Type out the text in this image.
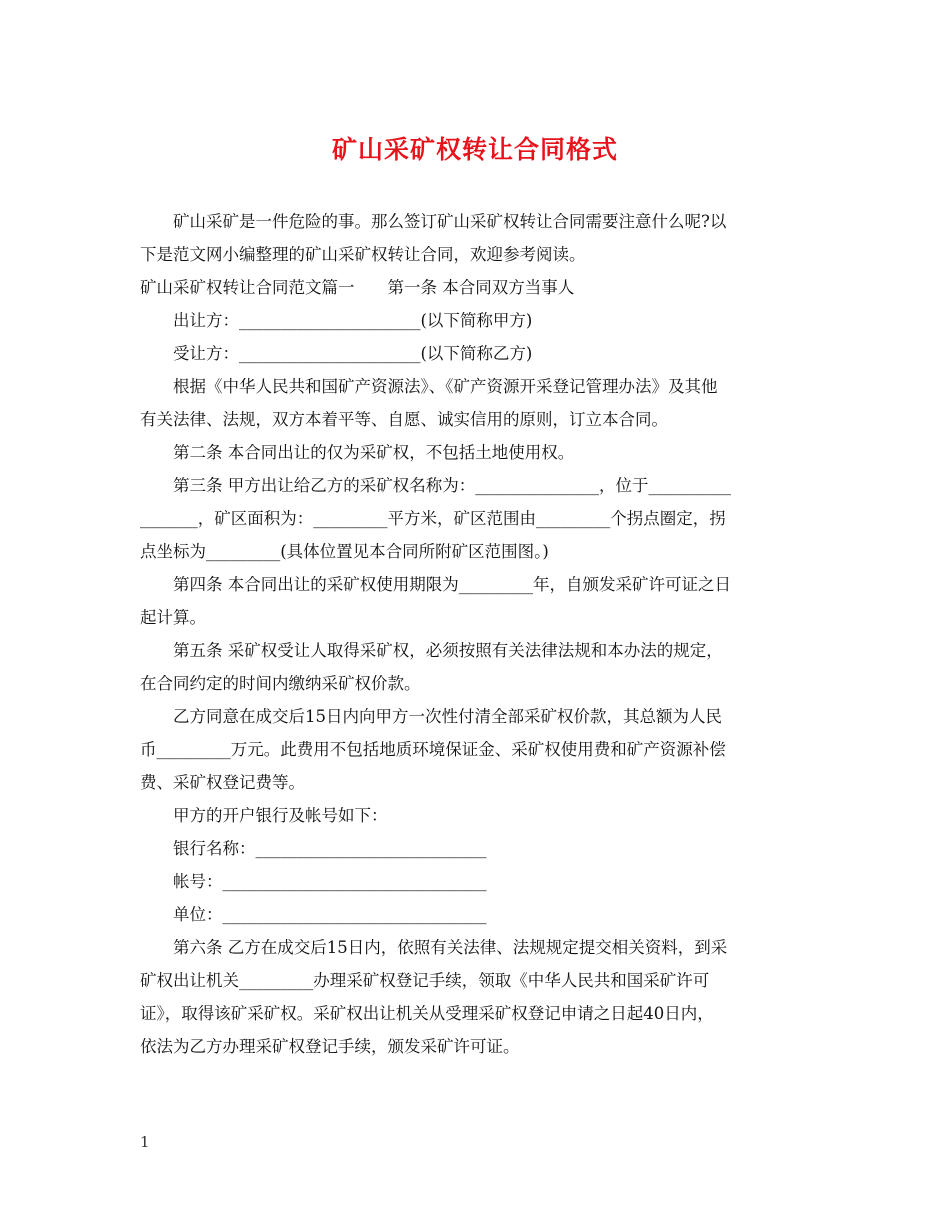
矿山采矿权转让合同格式
　　矿山采矿是一件危险的事。那么签订矿山采矿权转让合同需要注意什么呢?以
下是范文网小编整理的矿山采矿权转让合同，欢迎参考阅读。
矿山采矿权转让合同范文篇一　　第一条 本合同双方当事人
　　出让方：______________________(以下简称甲方)
　　受让方：______________________(以下简称乙方)
　　根据《中华人民共和国矿产资源法》、《矿产资源开采登记管理办法》及其他
有关法律、法规，双方本着平等、自愿、诚实信用的原则，订立本合同。
　　第二条 本合同出让的仅为采矿权，不包括土地使用权。
　　第三条 甲方出让给乙方的采矿权名称为：_______________，位于__________
_______，矿区面积为：_________平方米，矿区范围由_________个拐点圈定，拐
点坐标为_________(具体位置见本合同所附矿区范围图。)
　　第四条 本合同出让的采矿权使用期限为_________年，自颁发采矿许可证之日
起计算。
　　第五条 采矿权受让人取得采矿权，必须按照有关法律法规和本办法的规定，
在合同约定的时间内缴纳采矿权价款。
　　乙方同意在成交后15日内向甲方一次性付清全部采矿权价款，其总额为人民
币_________万元。此费用不包括地质环境保证金、采矿权使用费和矿产资源补偿
费、采矿权登记费等。
　　甲方的开户银行及帐号如下：
　　银行名称：____________________________
　　帐号：________________________________
　　单位：________________________________
　　第六条 乙方在成交后15日内，依照有关法律、法规规定提交相关资料，到采
矿权出让机关_________办理采矿权登记手续，领取《中华人民共和国采矿许可
证》，取得该矿采矿权。采矿权出让机关从受理采矿权登记申请之日起40日内，
依法为乙方办理采矿权登记手续，颁发采矿许可证。
1
